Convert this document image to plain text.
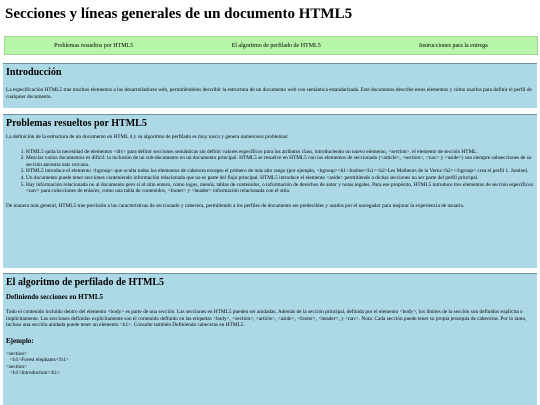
Secciones y líneas generales de un documento HTML5
Problemas resueltos por HTML5	El algoritmo de perfilado de HTML5	Instrucciones para la entrega
Introducción

La especificación HTML5 trae muchos elementos a los desarrolladores web, permitiéndoles describir la estructura de un documento web con semántica estandarizada. Este documento describe estos elementos y cómo usarlos para definir el perfil de cualquier documento.

Problemas resueltos por HTML5

La definición de la estructura de un documento en HTML 4 y su algoritmo de perfilado es muy tosco y genera numerosos problemas:

1. HTML5 quita la necesidad de elementos <div> para definir secciones semánticas sin definir valores específicos para los atributos class, introduciendo un nuevo elemento, <section>, el elemento de sección HTML.
2. Mezclar varios documentos es difícil: la inclusión de un sub-documento en un documento principal. HTML5 se resuelve en HTML5 con los elementos de seccionado (<article>, <section>, <nav> y <aside>) son siempre subsecciones de su sección ancestra más cercana.
3. HTML5 introduce el elemento <hgroup> que oculta todos los elementos de cabecera excepto el primero de más alto rango (por ejemplo, <hgroup><h1>Justine</h1><h2>Les Malheurs de la Vertu</h2></hgroup> crea el perfil 1. Justine).
4. Un documento puede tener secciones conteniendo información relacionada que no es parte del flujo principal. HTML5 introduce el elemento <aside> permitiendo a dichas secciones no ser parte del perfil principal.
5. Hay información relacionada no al documento pero sí al sitio entero, como logos, menús, tablas de contenidos, o información de derechos de autor y notas legales. Para ese propósito, HTML5 introduce tres elementos de sección específicos: <nav> para colecciones de enlaces, como una tabla de contenidos, <footer> y <header> información relacionada con el sitio.

De manera más general, HTML5 trae precisión a las características de seccionado y cabecera, permitiendo a los perfiles de documento ser predecibles y usados por el navegador para mejorar la experiencia de usuario.

El algoritmo de perfilado de HTML5
Definiendo secciones en HTML5

Todo el contenido incluido dentro del elemento <body> es parte de una sección. Las secciones en HTML5 pueden ser anidadas. Además de la sección principal, definida por el elemento <body>, los límites de la sección son definidos explícita o implícitamente. Las secciones definidas explícitamente son el contenido definido en las etiquetas <body>, <section>, <article>, <aside>, <footer>, <header>, y <nav>. Nota: Cada sección puede tener su propia jerarquía de cabeceras. Por lo tanto, incluso una sección anidada puede tener un elemento <h1>. Consulte también Definiendo cabeceras en HTML5.

Ejemplo:
<section>
<h1>Forest elephants</h1>
<section>
<h1>Introduction</h1>
